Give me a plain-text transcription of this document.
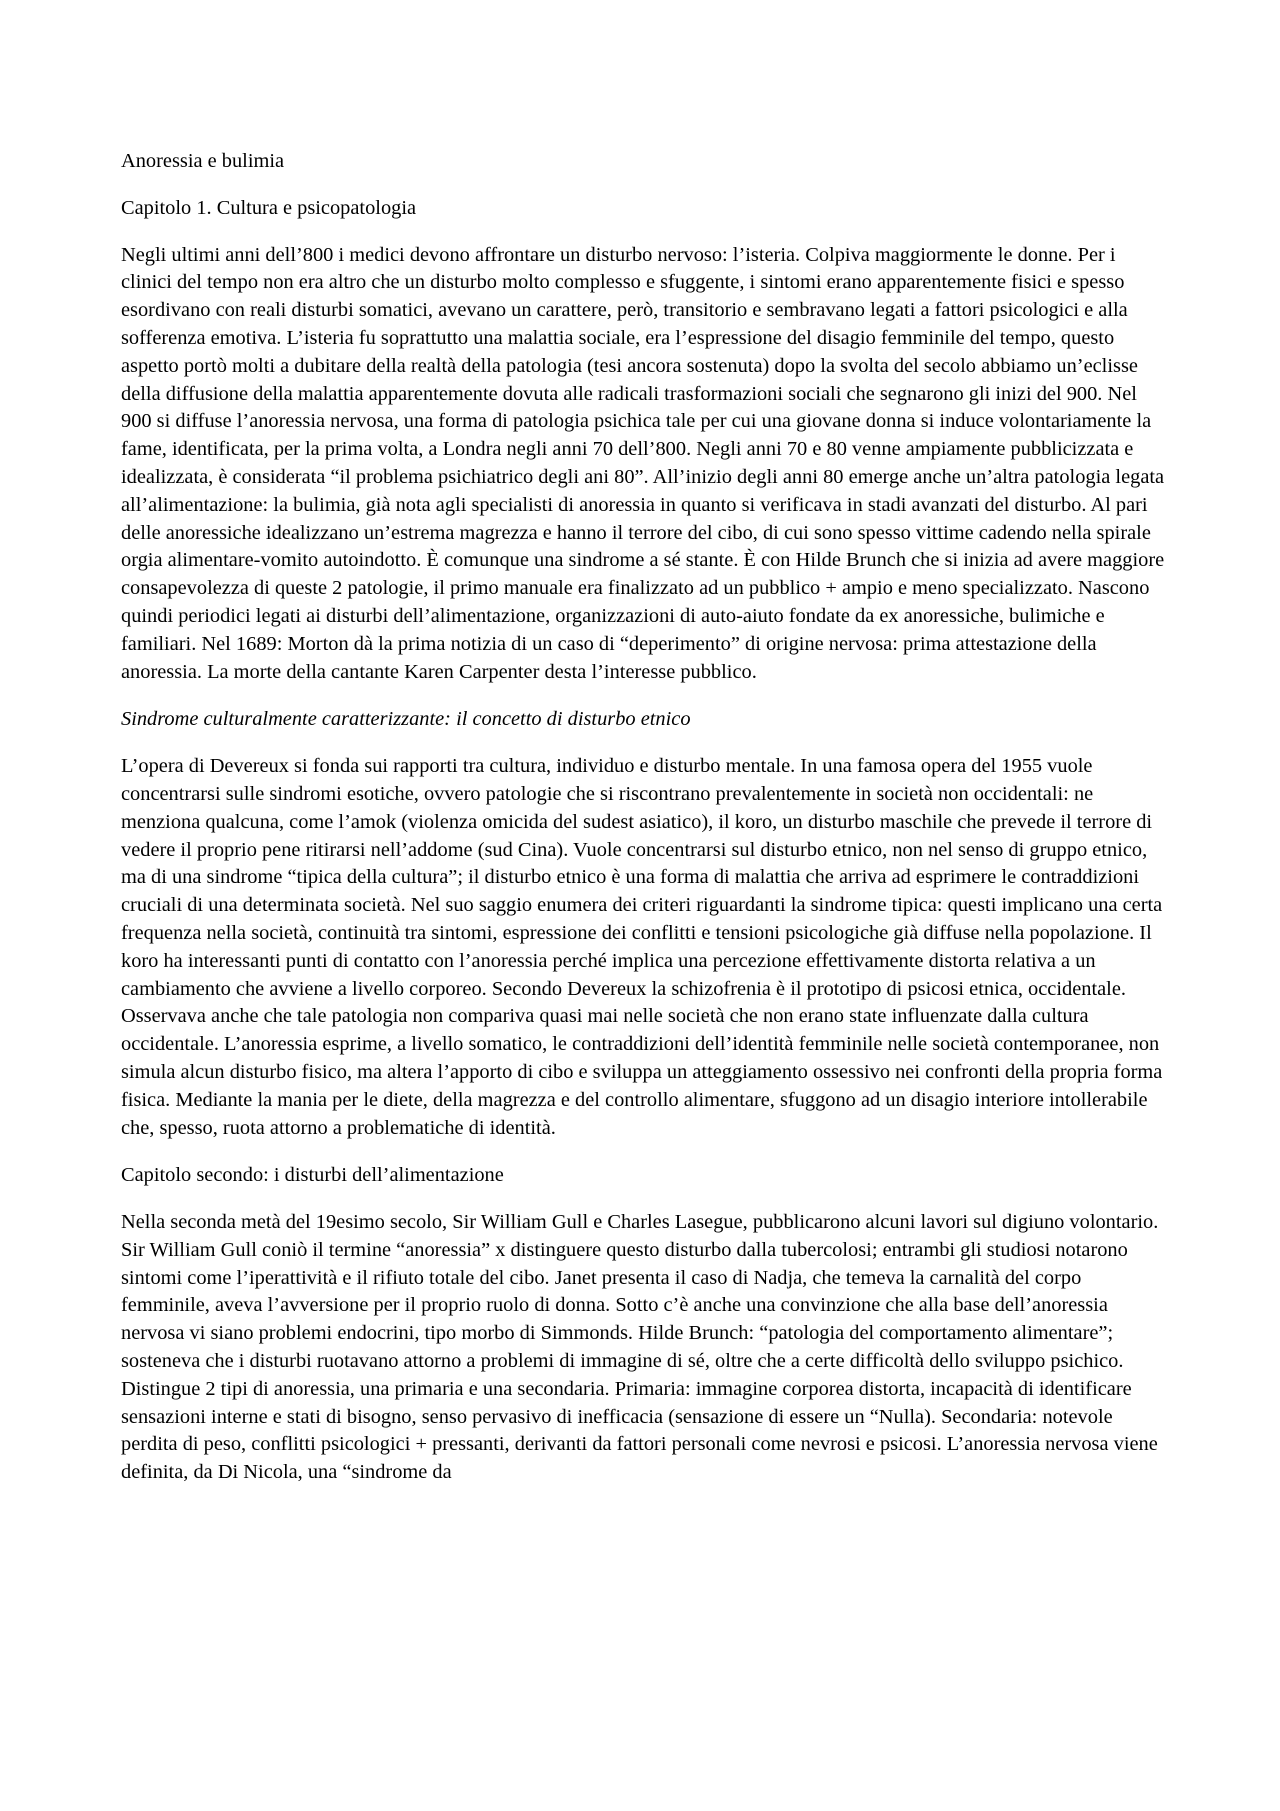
Anoressia e bulimia

Capitolo 1. Cultura e psicopatologia

Negli ultimi anni dell’800 i medici devono affrontare un disturbo nervoso: l’isteria. Colpiva maggiormente le donne. Per i clinici del tempo non era altro che un disturbo molto complesso e sfuggente, i sintomi erano apparentemente fisici e spesso esordivano con reali disturbi somatici, avevano un carattere, però, transitorio e sembravano legati a fattori psicologici e alla sofferenza emotiva. L’isteria fu soprattutto una malattia sociale, era l’espressione del disagio femminile del tempo, questo aspetto portò molti a dubitare della realtà della patologia (tesi ancora sostenuta) dopo la svolta del secolo abbiamo un’eclisse della diffusione della malattia apparentemente dovuta alle radicali trasformazioni sociali che segnarono gli inizi del 900. Nel 900 si diffuse l’anoressia nervosa, una forma di patologia psichica tale per cui una giovane donna si induce volontariamente la fame, identificata, per la prima volta, a Londra negli anni 70 dell’800. Negli anni 70 e 80 venne ampiamente pubblicizzata e idealizzata, è considerata “il problema psichiatrico degli ani 80”. All’inizio degli anni 80 emerge anche un’altra patologia legata all’alimentazione: la bulimia, già nota agli specialisti di anoressia in quanto si verificava in stadi avanzati del disturbo. Al pari delle anoressiche idealizzano un’estrema magrezza e hanno il terrore del cibo, di cui sono spesso vittime cadendo nella spirale orgia alimentare-vomito autoindotto. È comunque una sindrome a sé stante. È con Hilde Brunch che si inizia ad avere maggiore consapevolezza di queste 2 patologie, il primo manuale era finalizzato ad un pubblico + ampio e meno specializzato. Nascono quindi periodici legati ai disturbi dell’alimentazione, organizzazioni di auto-aiuto fondate da ex anoressiche, bulimiche e familiari. Nel 1689: Morton dà la prima notizia di un caso di “deperimento” di origine nervosa: prima attestazione della anoressia. La morte della cantante Karen Carpenter desta l’interesse pubblico.

Sindrome culturalmente caratterizzante: il concetto di disturbo etnico

L’opera di Devereux si fonda sui rapporti tra cultura, individuo e disturbo mentale. In una famosa opera del 1955 vuole concentrarsi sulle sindromi esotiche, ovvero patologie che si riscontrano prevalentemente in società non occidentali: ne menziona qualcuna, come l’amok (violenza omicida del sudest asiatico), il koro, un disturbo maschile che prevede il terrore di vedere il proprio pene ritirarsi nell’addome (sud Cina). Vuole concentrarsi sul disturbo etnico, non nel senso di gruppo etnico, ma di una sindrome “tipica della cultura”; il disturbo etnico è una forma di malattia che arriva ad esprimere le contraddizioni cruciali di una determinata società. Nel suo saggio enumera dei criteri riguardanti la sindrome tipica: questi implicano una certa frequenza nella società, continuità tra sintomi, espressione dei conflitti e tensioni psicologiche già diffuse nella popolazione. Il koro ha interessanti punti di contatto con l’anoressia perché implica una percezione effettivamente distorta relativa a un cambiamento che avviene a livello corporeo. Secondo Devereux la schizofrenia è il prototipo di psicosi etnica, occidentale. Osservava anche che tale patologia non compariva quasi mai nelle società che non erano state influenzate dalla cultura occidentale. L’anoressia esprime, a livello somatico, le contraddizioni dell’identità femminile nelle società contemporanee, non simula alcun disturbo fisico, ma altera l’apporto di cibo e sviluppa un atteggiamento ossessivo nei confronti della propria forma fisica. Mediante la mania per le diete, della magrezza e del controllo alimentare, sfuggono ad un disagio interiore intollerabile che, spesso, ruota attorno a problematiche di identità.

Capitolo secondo: i disturbi dell’alimentazione

Nella seconda metà del 19esimo secolo, Sir William Gull e Charles Lasegue, pubblicarono alcuni lavori sul digiuno volontario. Sir William Gull coniò il termine “anoressia” x distinguere questo disturbo dalla tubercolosi; entrambi gli studiosi notarono sintomi come l’iperattività e il rifiuto totale del cibo. Janet presenta il caso di Nadja, che temeva la carnalità del corpo femminile, aveva l’avversione per il proprio ruolo di donna. Sotto c’è anche una convinzione che alla base dell’anoressia nervosa vi siano problemi endocrini, tipo morbo di Simmonds. Hilde Brunch: “patologia del comportamento alimentare”; sosteneva che i disturbi ruotavano attorno a problemi di immagine di sé, oltre che a certe difficoltà dello sviluppo psichico. Distingue 2 tipi di anoressia, una primaria e una secondaria. Primaria: immagine corporea distorta, incapacità di identificare sensazioni interne e stati di bisogno, senso pervasivo di inefficacia (sensazione di essere un “Nulla). Secondaria: notevole perdita di peso, conflitti psicologici + pressanti, derivanti da fattori personali come nevrosi e psicosi. L’anoressia nervosa viene definita, da Di Nicola, una “sindrome da
